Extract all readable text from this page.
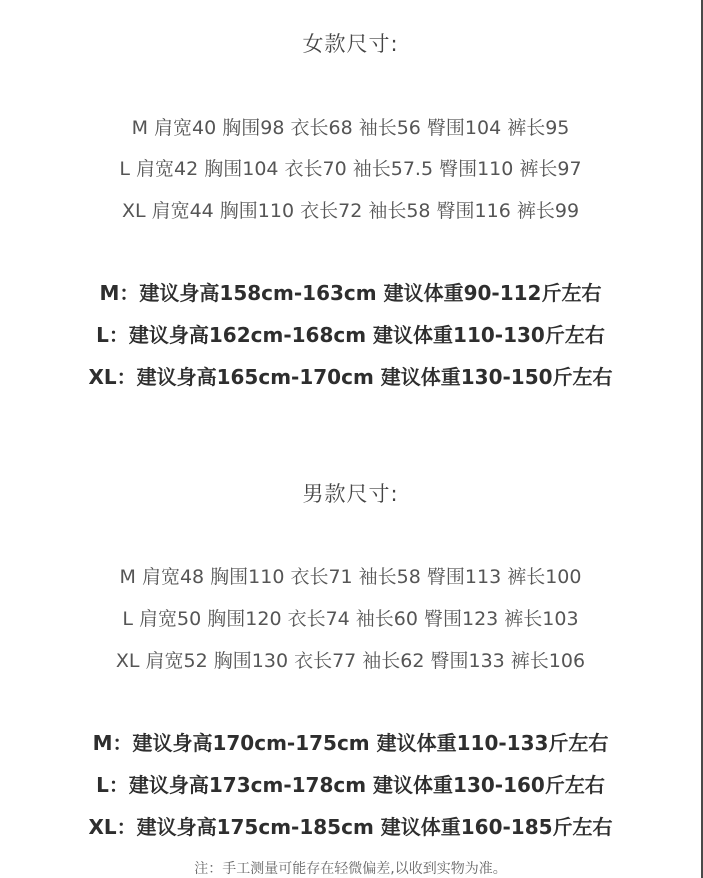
女款尺寸:
M 肩宽40 胸围98 衣长68 袖长56 臀围104 裤长95
L 肩宽42 胸围104 衣长70 袖长57.5 臀围110 裤长97
XL 肩宽44 胸围110 衣长72 袖长58 臀围116 裤长99
M：建议身高158cm-163cm 建议体重90-112斤左右
L：建议身高162cm-168cm 建议体重110-130斤左右
XL：建议身高165cm-170cm 建议体重130-150斤左右
男款尺寸:
M 肩宽48 胸围110 衣长71 袖长58 臀围113 裤长100
L 肩宽50 胸围120 衣长74 袖长60 臀围123 裤长103
XL 肩宽52 胸围130 衣长77 袖长62 臀围133 裤长106
M：建议身高170cm-175cm 建议体重110-133斤左右
L：建议身高173cm-178cm 建议体重130-160斤左右
XL：建议身高175cm-185cm 建议体重160-185斤左右
注：手工测量可能存在轻微偏差,以收到实物为准。
